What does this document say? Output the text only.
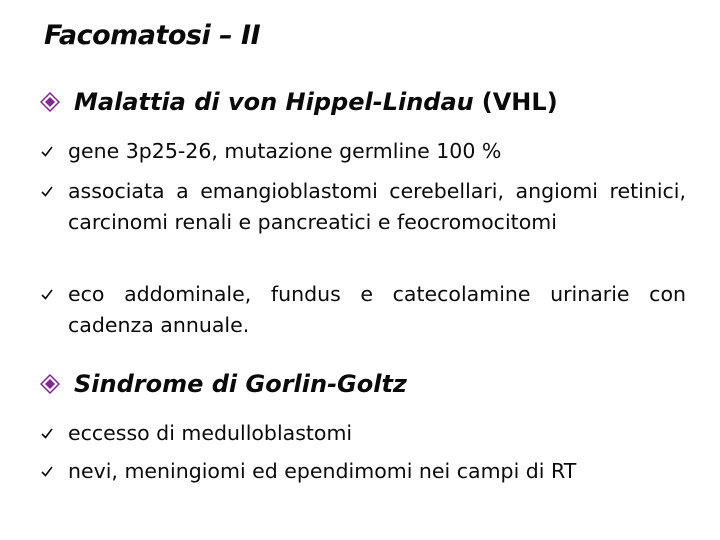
Facomatosi – II
Malattia di von Hippel-Lindau (VHL)
gene 3p25-26, mutazione germline 100 %
associata a emangioblastomi cerebellari, angiomi retinici, carcinomi renali e pancreatici e feocromocitomi
eco addominale, fundus e catecolamine urinarie con cadenza annuale.
Sindrome di Gorlin-Goltz
eccesso di medulloblastomi
nevi, meningiomi ed ependimomi nei campi di RT
